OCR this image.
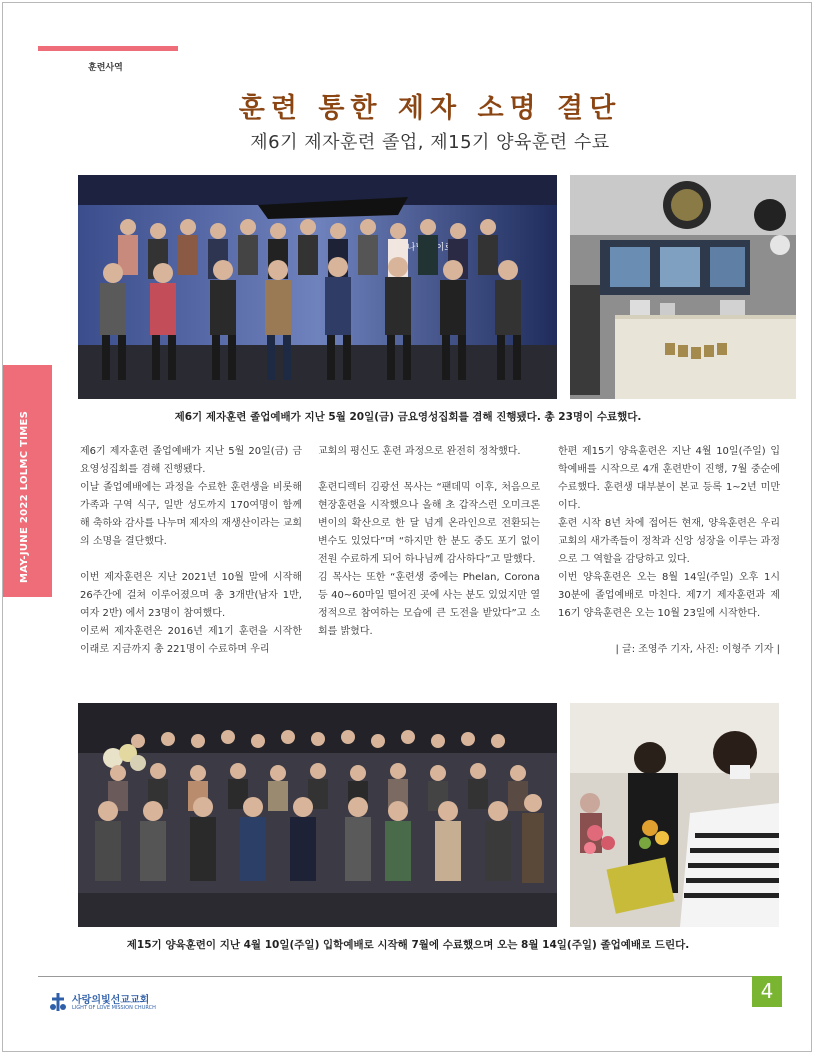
훈련사역
훈련 통한 제자 소명 결단
제6기 제자훈련 졸업, 제15기 양육훈련 수료
MAY-JUNE 2022 LOLMC TIMES
하나님께 이르
제6기 제자훈련 졸업예배가 지난 5월 20일(금) 금요영성집회를 겸해 진행됐다. 총 23명이 수료했다.

제6기 제자훈련 졸업예배가 지난 5월 20일(금) 금요영성집회를 겸해 진행됐다.

이날 졸업예배에는 과정을 수료한 훈련생을 비롯해 가족과 구역 식구, 일반 성도까지 170여명이 함께해 축하와 감사를 나누며 제자의 재생산이라는 교회의 소명을 결단했다.

이번 제자훈련은 지난 2021년 10월 말에 시작해 26주간에 걸쳐 이루어졌으며 총 3개반(남자 1반, 여자 2반) 에서 23명이 참여했다.

이로써 제자훈련은 2016년 제1기 훈련을 시작한 이래로 지금까지 총 221명이 수료하며 우리

교회의 평신도 훈련 과정으로 완전히 정착했다.

훈련디렉터 김광선 목사는 “팬데믹 이후, 처음으로 현장훈련을 시작했으나 올해 초 갑작스런 오미크론 변이의 확산으로 한 달 넘게 온라인으로 전환되는 변수도 있었다”며 “하지만 한 분도 중도 포기 없이 전원 수료하게 되어 하나님께 감사하다”고 말했다.

김 목사는 또한 “훈련생 중에는 Phelan, Corona 등 40~60마일 떨어진 곳에 사는 분도 있었지만 열정적으로 참여하는 모습에 큰 도전을 받았다”고 소회를 밝혔다.

한편 제15기 양육훈련은 지난 4월 10일(주일) 입학예배를 시작으로 4개 훈련반이 진행, 7월 중순에 수료했다. 훈련생 대부분이 본교 등록 1~2년 미만이다.

훈련 시작 8년 차에 접어든 현재, 양육훈련은 우리 교회의 새가족들이 정착과 신앙 성장을 이루는 과정으로 그 역할을 감당하고 있다.

이번 양육훈련은 오는 8월 14일(주일) 오후 1시 30분에 졸업예배로 마친다. 제7기 제자훈련과 제16기 양육훈련은 오는 10월 23일에 시작한다.

| 글: 조영주 기자, 사진: 이형주 기자 |

제15기 양육훈련이 지난 4월 10일(주일) 입학예배로 시작해 7월에 수료했으며 오는 8월 14일(주일) 졸업예배로 드린다.
사랑의빛선교교회
LIGHT OF LOVE MISSION CHURCH
4
